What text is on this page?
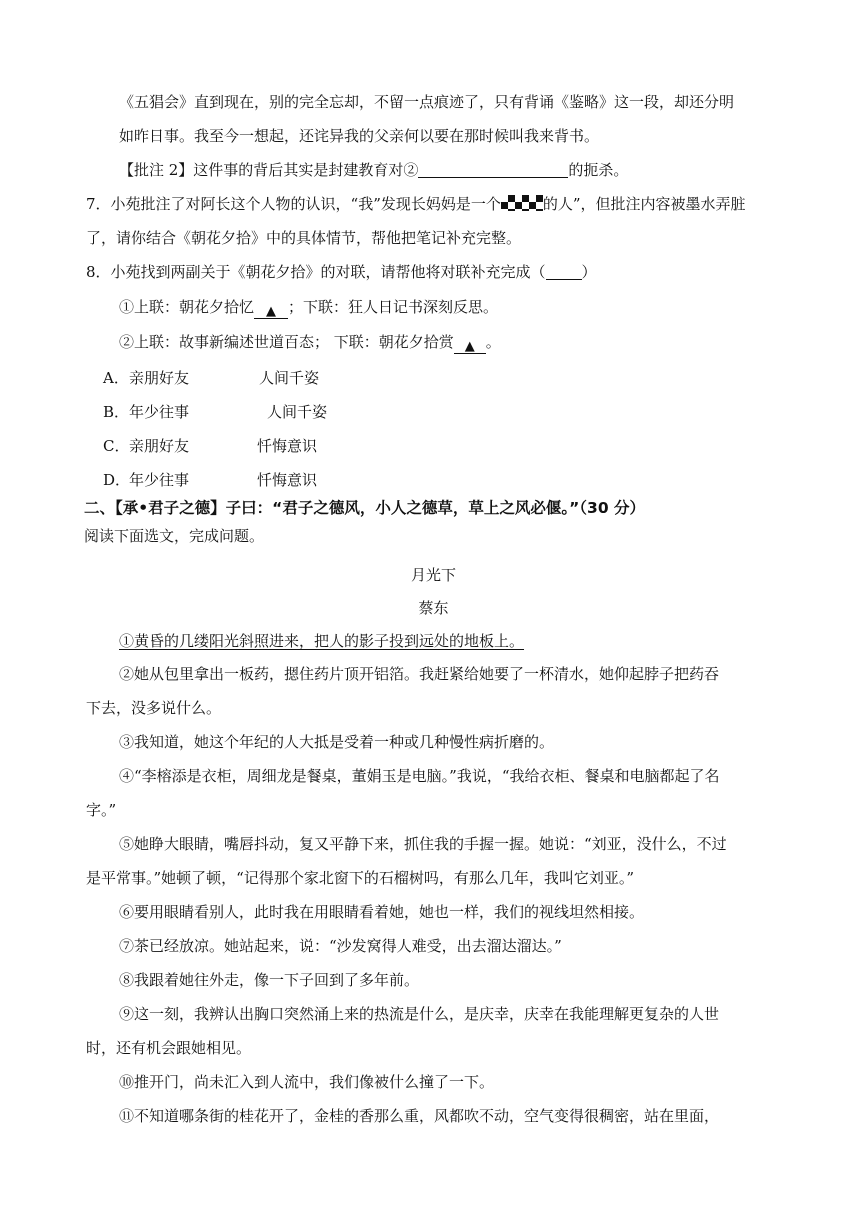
《五猖会》直到现在，别的完全忘却，不留一点痕迹了，只有背诵《鉴略》这一段，却还分明
如昨日事。我至今一想起，还诧异我的父亲何以要在那时候叫我来背书。
【批注 2】这件事的背后其实是封建教育对②	的扼杀。
7．小苑批注了对阿长这个人物的认识，“我”发现长妈妈是一个	的人”，但批注内容被墨水弄脏
了，请你结合《朝花夕拾》中的具体情节，帮他把笔记补充完整。
8．小苑找到两副关于《朝花夕拾》的对联，请帮他将对联补充完成（ ）
①上联：朝花夕拾忆 ▲ ；下联：狂人日记书深刻反思。
②上联：故事新编述世道百态； 下联：朝花夕拾赏 ▲ 。
A．亲朋好友	人间千姿
B．年少往事	人间千姿
C．亲朋好友	忏悔意识
D．年少往事	忏悔意识
二、【承•君子之德】子曰：“君子之德风，小人之德草，草上之风必偃。”（30 分）
阅读下面选文，完成问题。
月光下
蔡东
①黄昏的几缕阳光斜照进来，把人的影子投到远处的地板上。
②她从包里拿出一板药，摁住药片顶开铝箔。我赶紧给她要了一杯清水，她仰起脖子把药吞
下去，没多说什么。
③我知道，她这个年纪的人大抵是受着一种或几种慢性病折磨的。
④“李榕添是衣柜，周细龙是餐桌，董娟玉是电脑。”我说，“我给衣柜、餐桌和电脑都起了名
字。”
⑤她睁大眼睛，嘴唇抖动，复又平静下来，抓住我的手握一握。她说：“刘亚，没什么，不过
是平常事。”她顿了顿，“记得那个家北窗下的石榴树吗，有那么几年，我叫它刘亚。”
⑥要用眼睛看别人，此时我在用眼睛看着她，她也一样，我们的视线坦然相接。
⑦茶已经放凉。她站起来，说：“沙发窝得人难受，出去溜达溜达。”
⑧我跟着她往外走，像一下子回到了多年前。
⑨这一刻，我辨认出胸口突然涌上来的热流是什么，是庆幸，庆幸在我能理解更复杂的人世
时，还有机会跟她相见。
⑩推开门，尚未汇入到人流中，我们像被什么撞了一下。
⑪不知道哪条街的桂花开了，金桂的香那么重，风都吹不动，空气变得很稠密，站在里面，
